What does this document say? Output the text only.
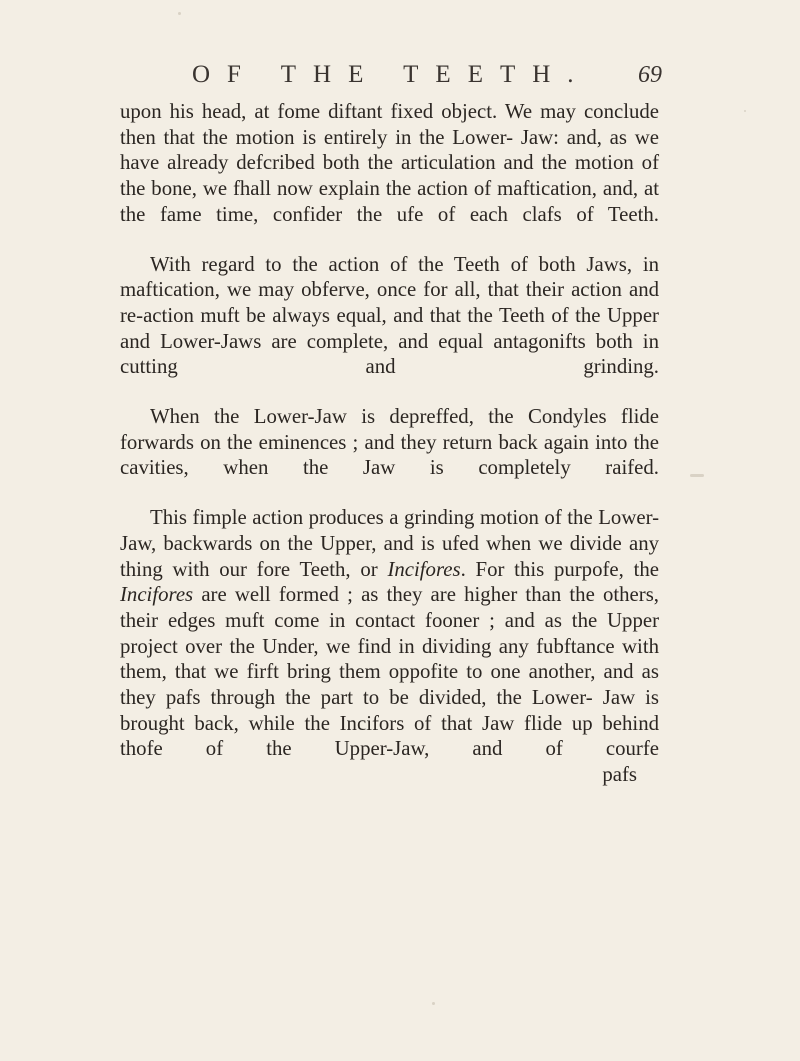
OF THE TEETH. 69

upon his head, at fome diftant fixed object. We may conclude then that the motion is entirely in the Lower- Jaw: and, as we have already defcribed both the articulation and the motion of the bone, we fhall now explain the action of maftication, and, at the fame time, confider the ufe of each clafs of Teeth.

With regard to the action of the Teeth of both Jaws, in maftication, we may obferve, once for all, that their action and re-action muft be always equal, and that the Teeth of the Upper and Lower-Jaws are complete, and equal antagonifts both in cutting and grinding.

When the Lower-Jaw is depreffed, the Condyles flide forwards on the eminences ; and they return back again into the cavities, when the Jaw is completely raifed.

This fimple action produces a grinding motion of the Lower-Jaw, backwards on the Upper, and is ufed when we divide any thing with our fore Teeth, or Incifores. For this purpofe, the Incifores are well formed ; as they are higher than the others, their edges muft come in contact fooner ; and as the Upper project over the Under, we find in dividing any fubftance with them, that we firft bring them oppofite to one another, and as they pafs through the part to be divided, the Lower- Jaw is brought back, while the Incifors of that Jaw flide up behind thofe of the Upper-Jaw, and of courfe

pafs
